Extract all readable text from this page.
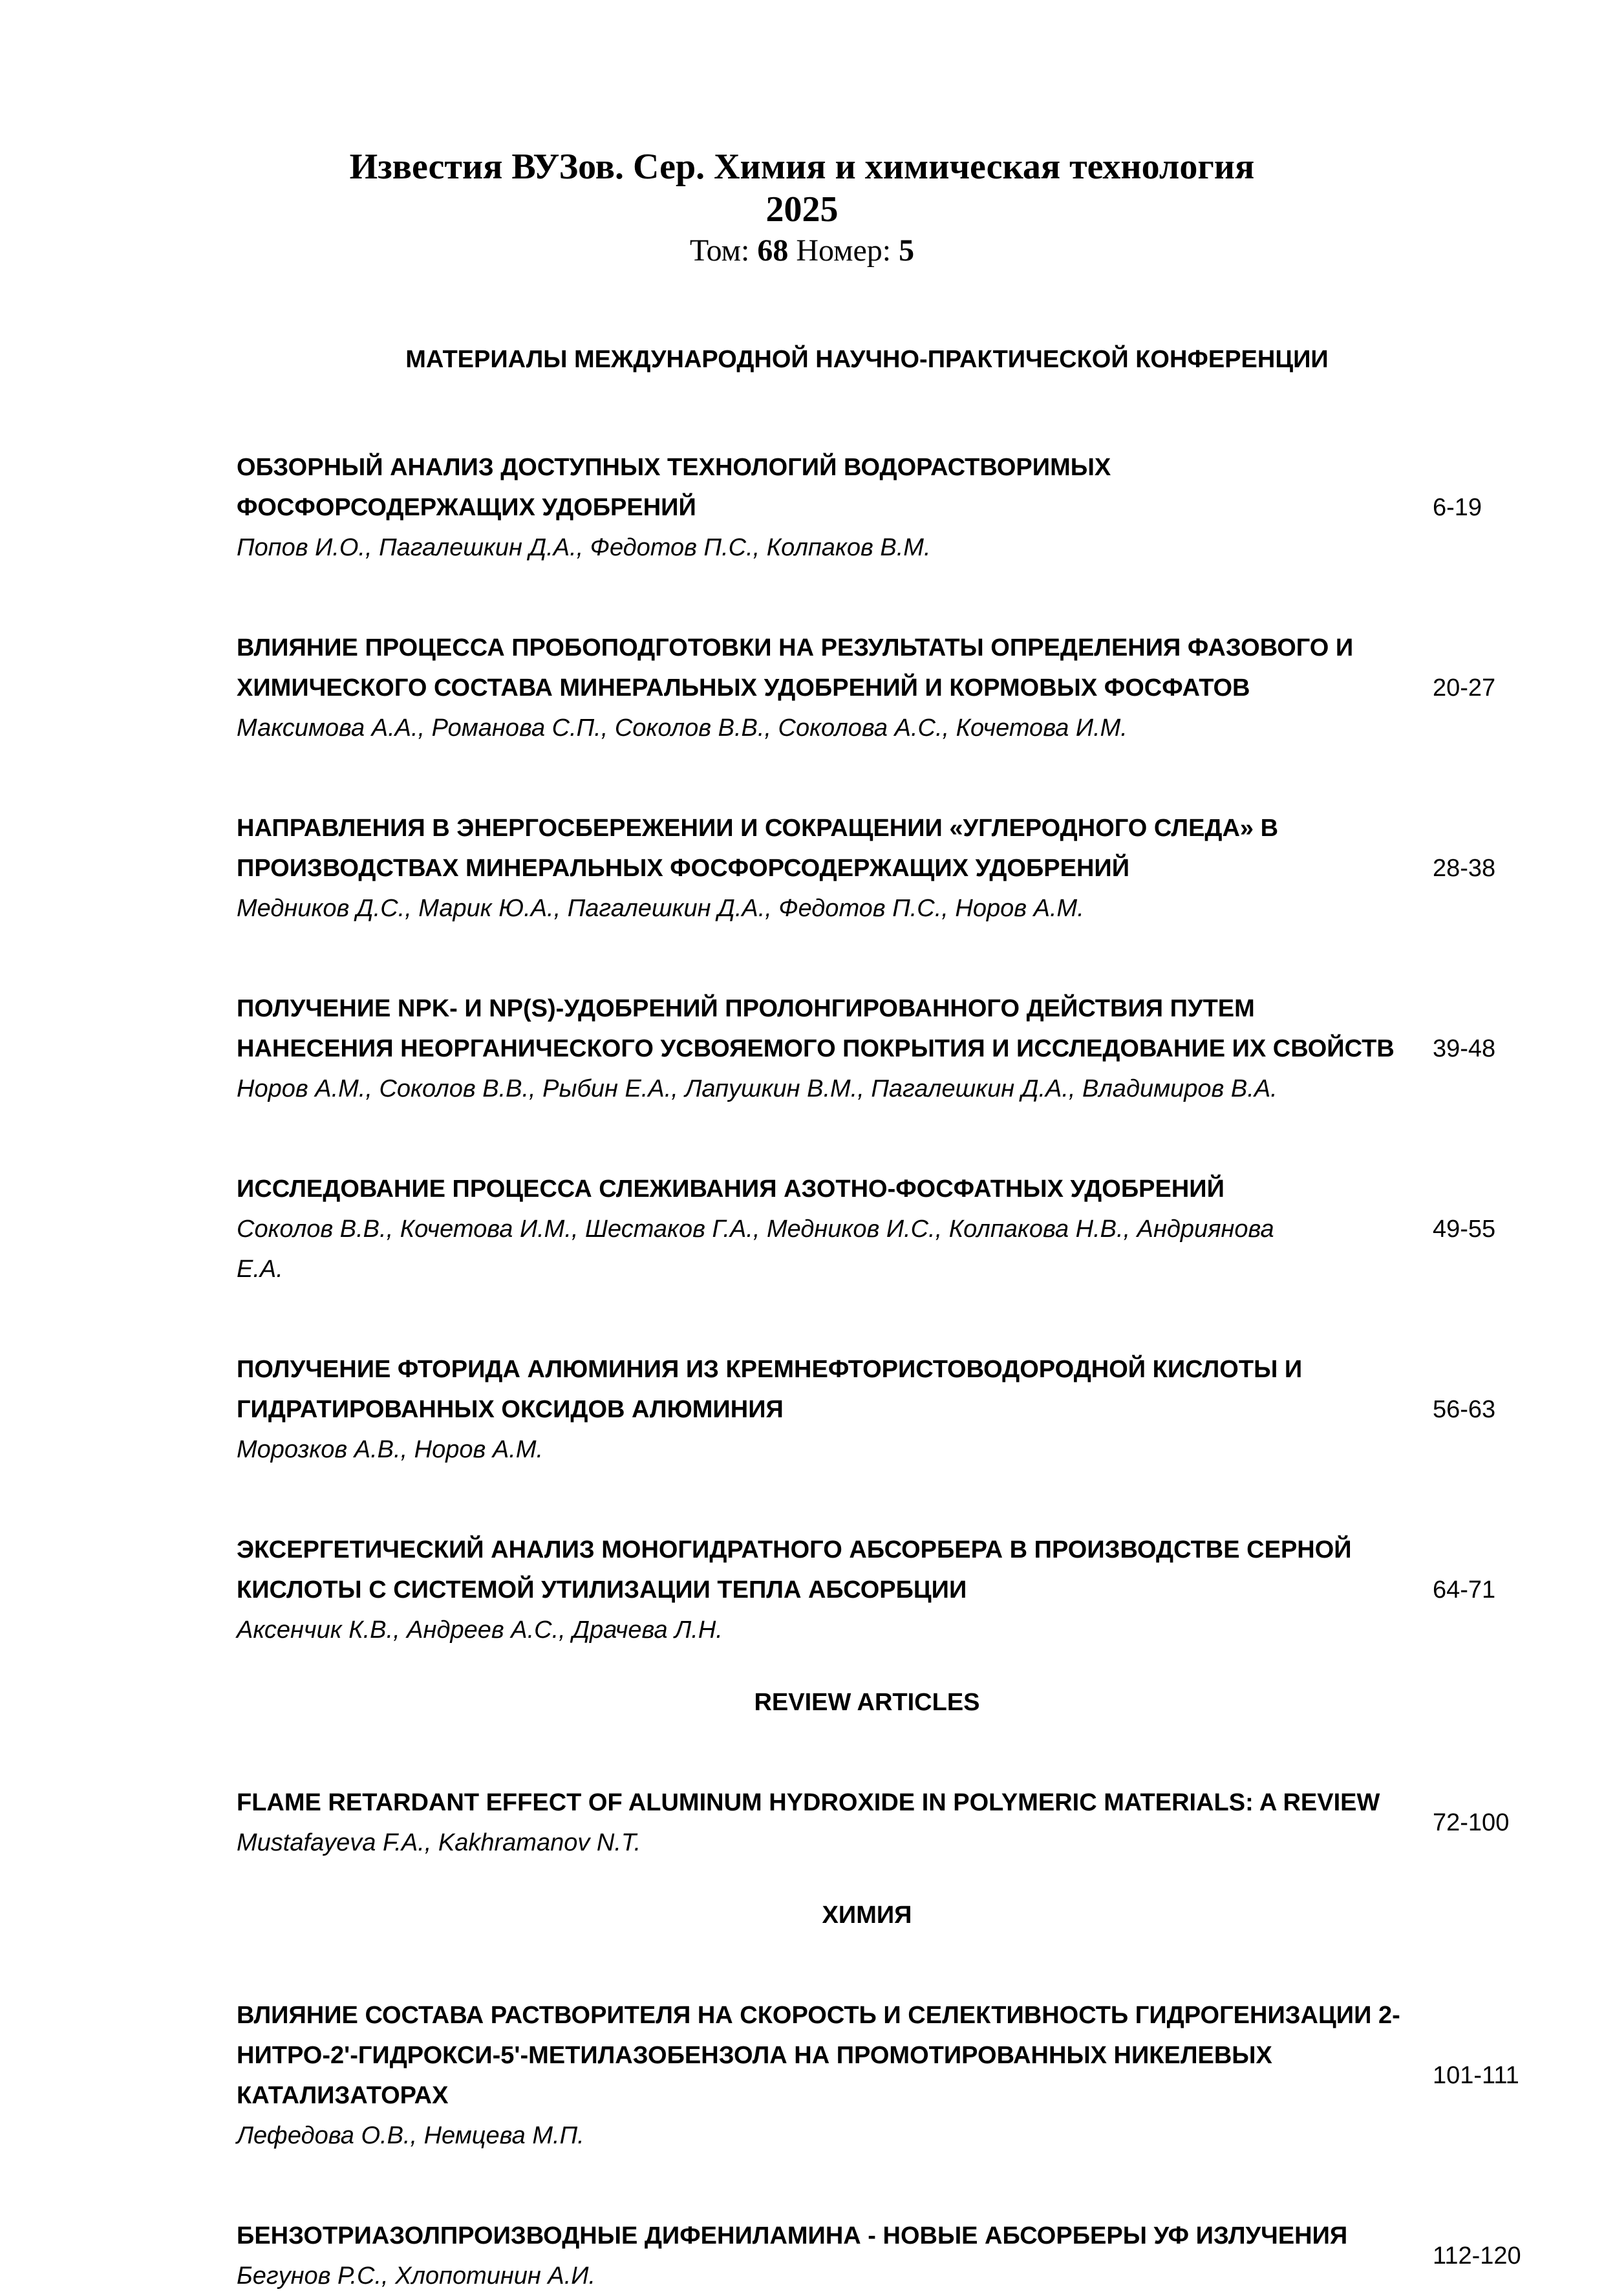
Известия ВУЗов. Сер. Химия и химическая технология
2025
Том: 68 Номер: 5
МАТЕРИАЛЫ МЕЖДУНАРОДНОЙ НАУЧНО-ПРАКТИЧЕСКОЙ КОНФЕРЕНЦИИ
ОБЗОРНЫЙ АНАЛИЗ ДОСТУПНЫХ ТЕХНОЛОГИЙ ВОДОРАСТВОРИМЫХ
ФОСФОРСОДЕРЖАЩИХ УДОБРЕНИЙ
Попов И.О., Пагалешкин Д.А., Федотов П.С., Колпаков В.М.
6-19
ВЛИЯНИЕ ПРОЦЕССА ПРОБОПОДГОТОВКИ НА РЕЗУЛЬТАТЫ ОПРЕДЕЛЕНИЯ ФАЗОВОГО И
ХИМИЧЕСКОГО СОСТАВА МИНЕРАЛЬНЫХ УДОБРЕНИЙ И КОРМОВЫХ ФОСФАТОВ
Максимова А.А., Романова С.П., Соколов В.В., Соколова А.С., Кочетова И.М.
20-27
НАПРАВЛЕНИЯ В ЭНЕРГОСБЕРЕЖЕНИИ И СОКРАЩЕНИИ «УГЛЕРОДНОГО СЛЕДА» В
ПРОИЗВОДСТВАХ МИНЕРАЛЬНЫХ ФОСФОРСОДЕРЖАЩИХ УДОБРЕНИЙ
Медников Д.С., Марик Ю.А., Пагалешкин Д.А., Федотов П.С., Норов А.М.
28-38
ПОЛУЧЕНИЕ NPK- И NP(S)-УДОБРЕНИЙ ПРОЛОНГИРОВАННОГО ДЕЙСТВИЯ ПУТЕМ
НАНЕСЕНИЯ НЕОРГАНИЧЕСКОГО УСВОЯЕМОГО ПОКРЫТИЯ И ИССЛЕДОВАНИЕ ИХ СВОЙСТВ
Норов А.М., Соколов В.В., Рыбин Е.А., Лапушкин В.М., Пагалешкин Д.А., Владимиров В.А.
39-48
ИССЛЕДОВАНИЕ ПРОЦЕССА СЛЕЖИВАНИЯ АЗОТНО-ФОСФАТНЫХ УДОБРЕНИЙ
Соколов В.В., Кочетова И.М., Шестаков Г.А., Медников И.С., Колпакова Н.В., Андриянова
Е.А.
49-55
ПОЛУЧЕНИЕ ФТОРИДА АЛЮМИНИЯ ИЗ КРЕМНЕФТОРИСТОВОДОРОДНОЙ КИСЛОТЫ И
ГИДРАТИРОВАННЫХ ОКСИДОВ АЛЮМИНИЯ
Морозков А.В., Норов А.М.
56-63
ЭКСЕРГЕТИЧЕСКИЙ АНАЛИЗ МОНОГИДРАТНОГО АБСОРБЕРА В ПРОИЗВОДСТВЕ СЕРНОЙ
КИСЛОТЫ С СИСТЕМОЙ УТИЛИЗАЦИИ ТЕПЛА АБСОРБЦИИ
Аксенчик К.В., Андреев А.С., Драчева Л.Н.
64-71
REVIEW ARTICLES
FLAME RETARDANT EFFECT OF ALUMINUM HYDROXIDE IN POLYMERIC MATERIALS: A REVIEW
Mustafayeva F.A., Kakhramanov N.T.
72-100
ХИМИЯ
ВЛИЯНИЕ СОСТАВА РАСТВОРИТЕЛЯ НА СКОРОСТЬ И СЕЛЕКТИВНОСТЬ ГИДРОГЕНИЗАЦИИ 2-
НИТРО-2'-ГИДРОКСИ-5'-МЕТИЛАЗОБЕНЗОЛА НА ПРОМОТИРОВАННЫХ НИКЕЛЕВЫХ
КАТАЛИЗАТОРАХ
Лефедова О.В., Немцева М.П.
101-111
БЕНЗОТРИАЗОЛПРОИЗВОДНЫЕ ДИФЕНИЛАМИНА - НОВЫЕ АБСОРБЕРЫ УФ ИЗЛУЧЕНИЯ
Бегунов Р.С., Хлопотинин А.И.
112-120
